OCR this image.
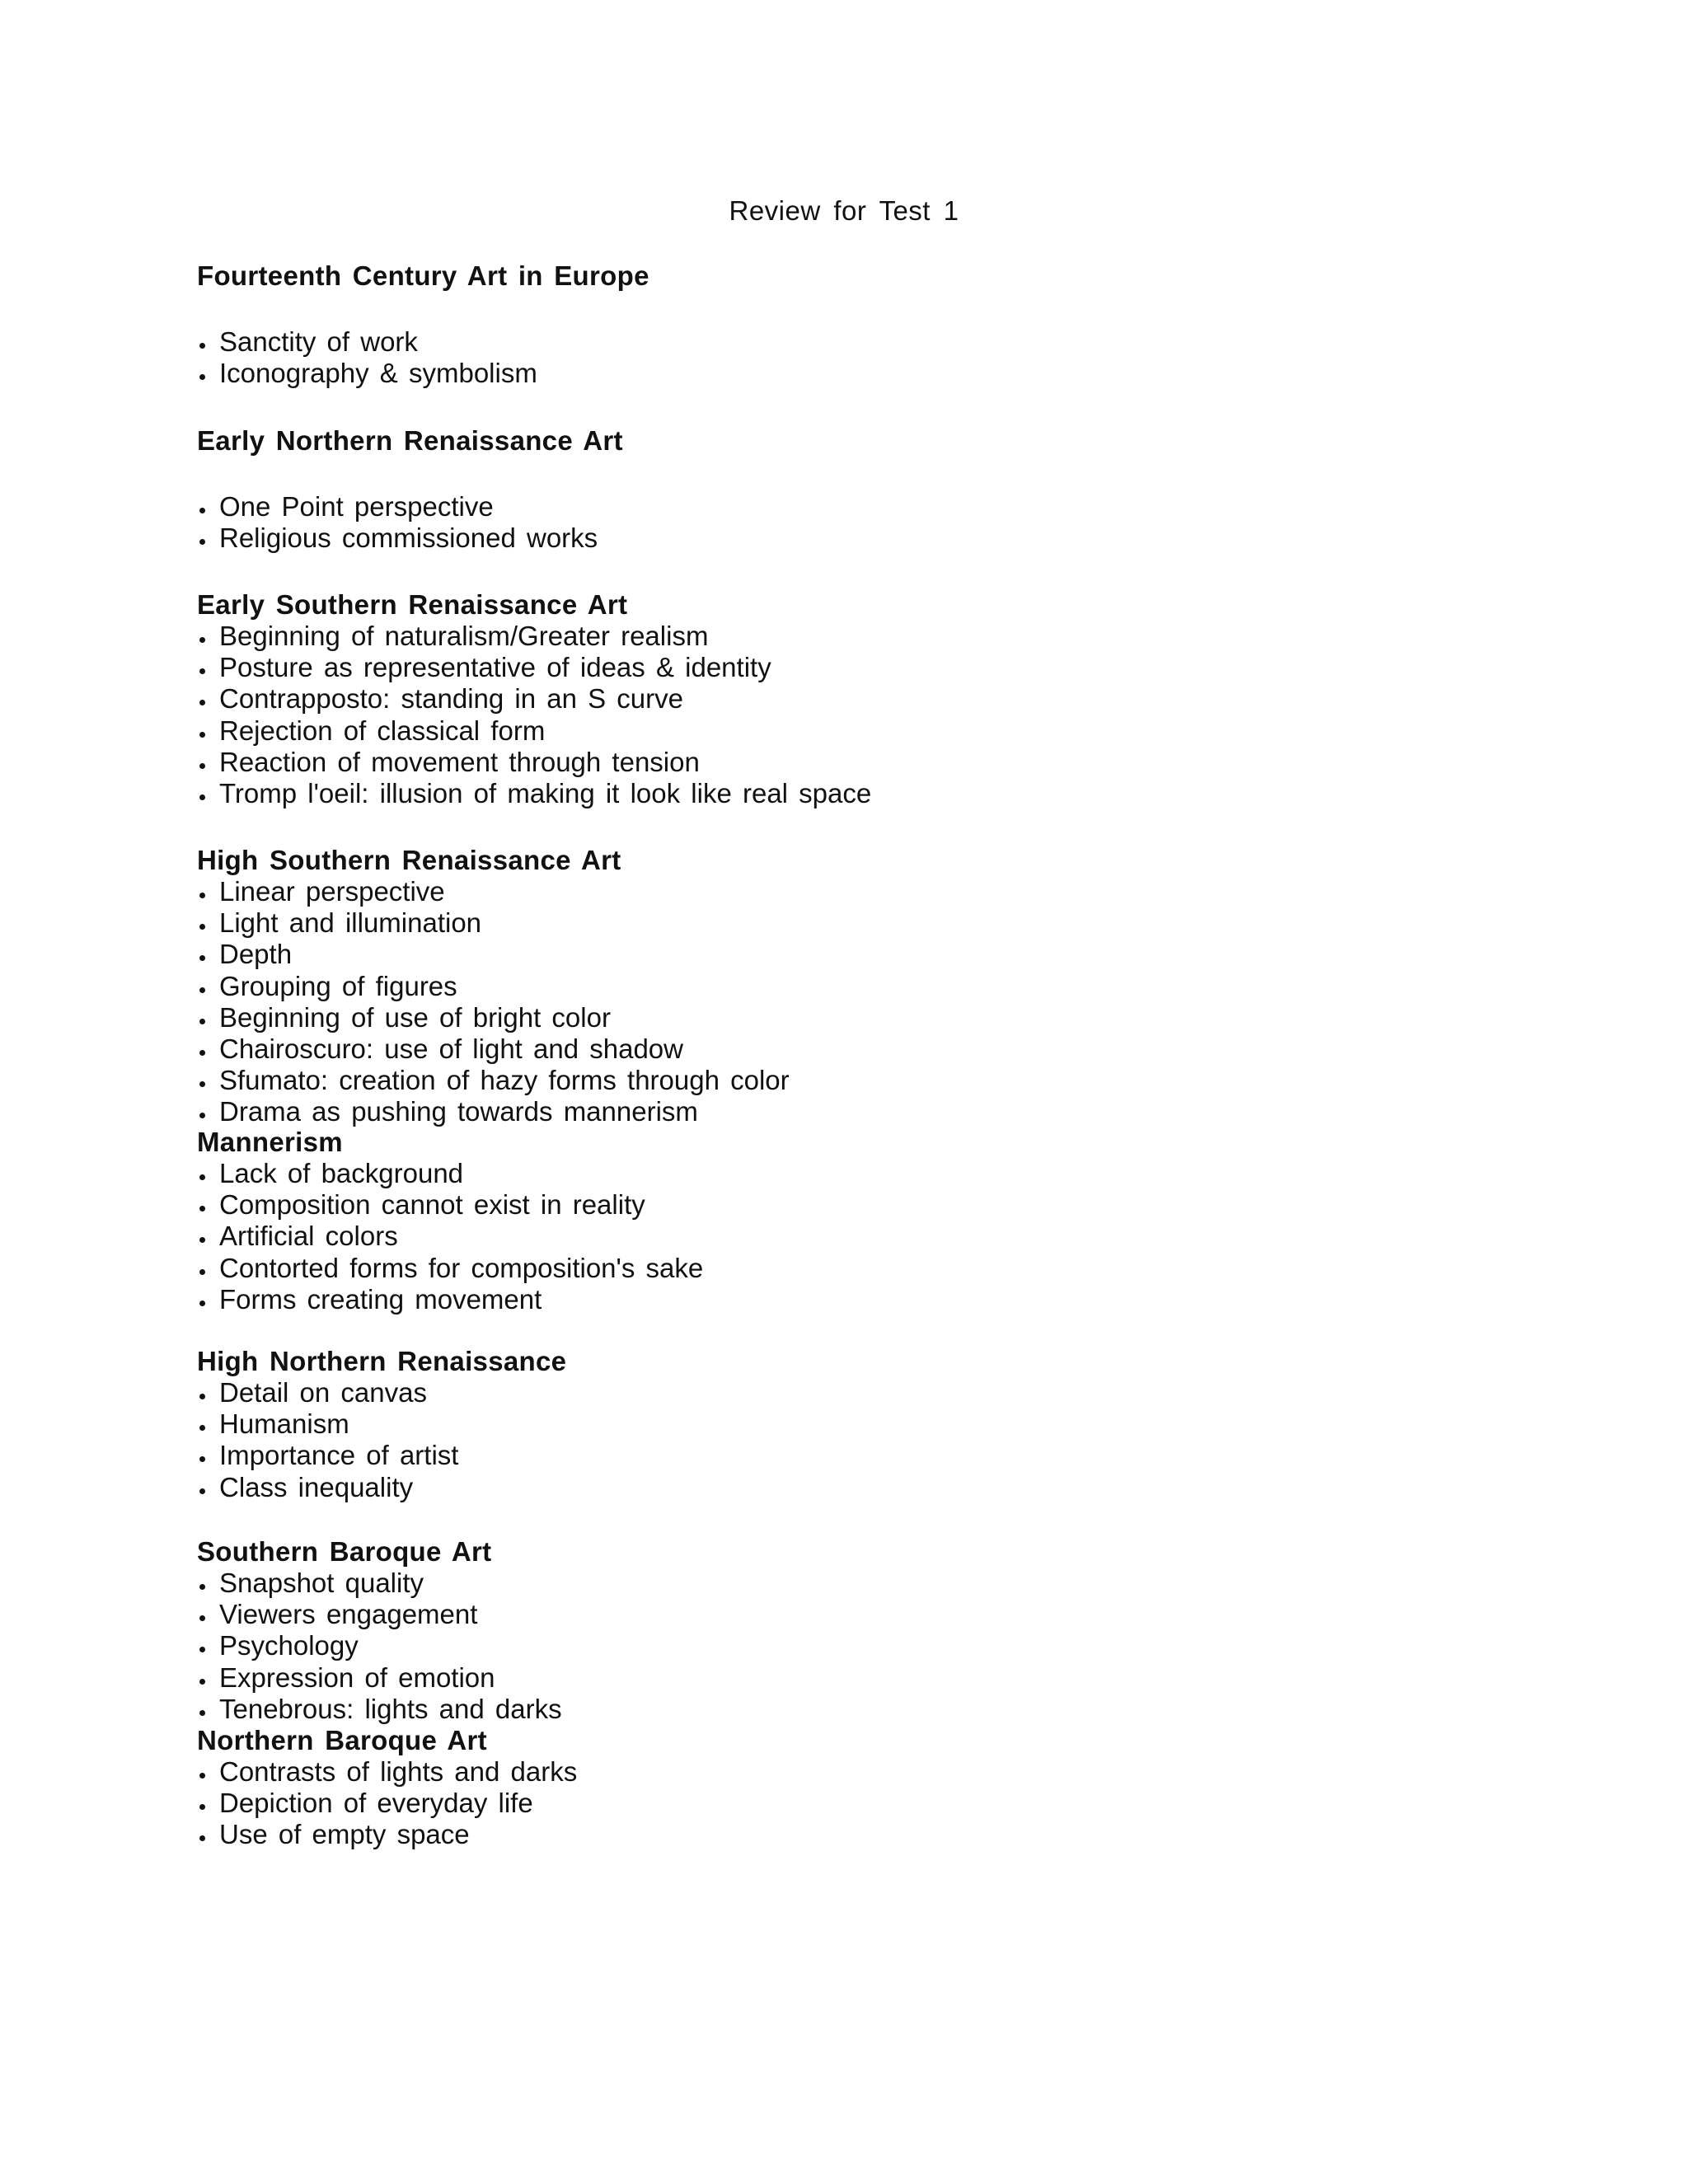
Review for Test 1
Fourteenth Century Art in Europe
Sanctity of work
Iconography & symbolism
Early Northern Renaissance Art
One Point perspective
Religious commissioned works
Early Southern Renaissance Art
Beginning of naturalism/Greater realism
Posture as representative of ideas & identity
Contrapposto: standing in an S curve
Rejection of classical form
Reaction of movement through tension
Tromp l'oeil: illusion of making it look like real space
High Southern Renaissance Art
Linear perspective
Light and illumination
Depth
Grouping of figures
Beginning of use of bright color
Chairoscuro: use of light and shadow
Sfumato: creation of hazy forms through color
Drama as pushing towards mannerism
Mannerism
Lack of background
Composition cannot exist in reality
Artificial colors
Contorted forms for composition's sake
Forms creating movement
High Northern Renaissance
Detail on canvas
Humanism
Importance of artist
Class inequality
Southern Baroque Art
Snapshot quality
Viewers engagement
Psychology
Expression of emotion
Tenebrous: lights and darks
Northern Baroque Art
Contrasts of lights and darks
Depiction of everyday life
Use of empty space
